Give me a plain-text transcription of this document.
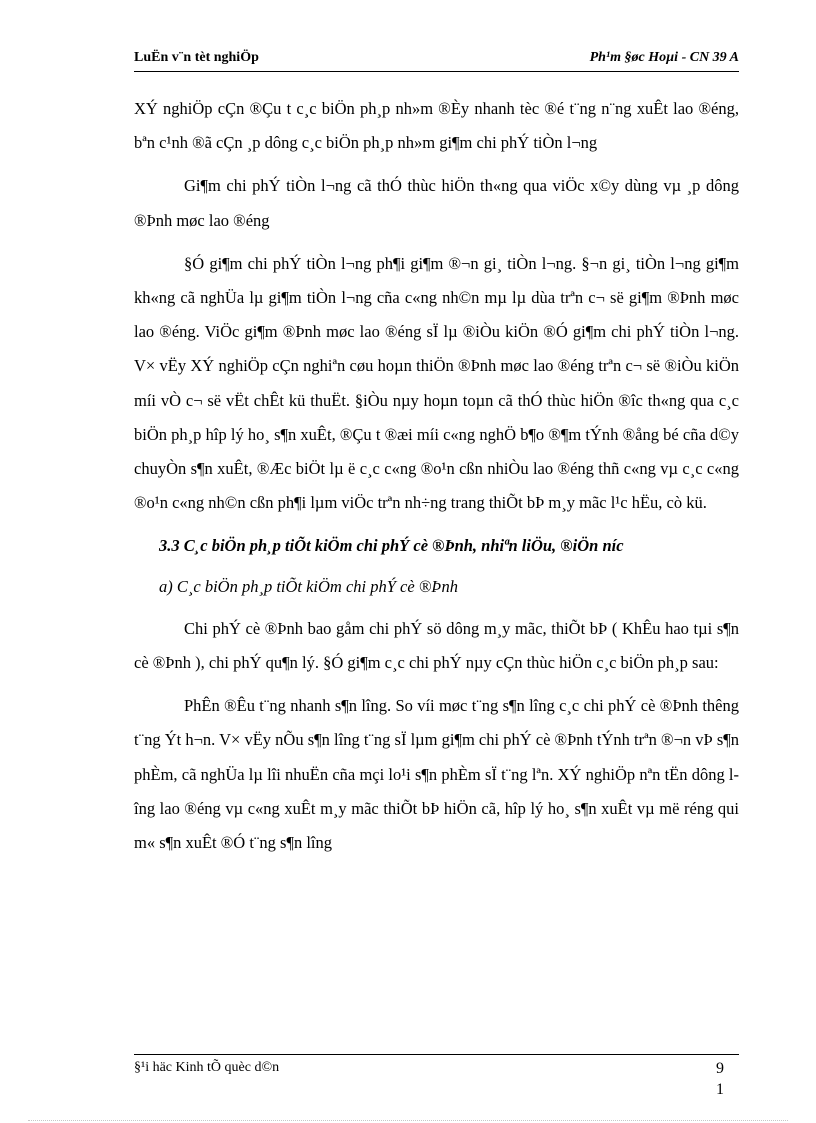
LuËn v¨n tèt nghiÖp	Ph¹m §øc Hoµi - CN 39 A

XÝ nghiÖp cÇn ®Çu t c¸c biÖn ph¸p nh»m ®Èy nhanh tèc ®é t¨ng n¨ng xuÊt lao ®éng, bªn c¹nh ®ã cÇn ¸p dông c¸c biÖn ph¸p nh»m gi¶m chi phÝ tiÒn l¬ng

Gi¶m chi phÝ tiÒn l¬ng cã thÓ thùc hiÖn th«ng qua viÖc x©y dùng vµ ¸p dông ®Þnh møc lao ®éng

§Ó gi¶m chi phÝ tiÒn l¬ng ph¶i gi¶m ®¬n gi¸ tiÒn l¬ng. §¬n gi¸ tiÒn l¬ng gi¶m kh«ng cã nghÜa lµ gi¶m tiÒn l¬ng cña c«ng nh©n mµ lµ dùa trªn c¬ së gi¶m ®Þnh møc lao ®éng. ViÖc gi¶m ®Þnh møc lao ®éng sÏ lµ ®iÒu kiÖn ®Ó gi¶m chi phÝ tiÒn l¬ng. V× vËy XÝ nghiÖp cÇn nghiªn cøu hoµn thiÖn ®Þnh møc lao ®éng trªn c¬ së ®iÒu kiÖn míi vÒ c¬ së vËt chÊt kü thuËt. §iÒu nµy hoµn toµn cã thÓ thùc hiÖn ®îc th«ng qua c¸c biÖn ph¸p hîp lý ho¸ s¶n xuÊt, ®Çu t ®æi míi c«ng nghÖ b¶o ®¶m tÝnh ®ång bé cña d©y chuyÒn s¶n xuÊt, ®Æc biÖt lµ ë c¸c c«ng ®o¹n cßn nhiÒu lao ®éng thñ c«ng vµ c¸c c«ng ®o¹n c«ng nh©n cßn ph¶i lµm viÖc trªn nh÷ng trang thiÕt bÞ m¸y mãc l¹c hËu, cò kü.

3.3 C¸c biÖn ph¸p tiÕt kiÖm chi phÝ cè ®Þnh, nhiªn liÖu, ®iÖn níc

a) C¸c biÖn ph¸p tiÕt kiÖm chi phÝ cè ®Þnh

Chi phÝ cè ®Þnh bao gåm chi phÝ sö dông m¸y mãc, thiÕt bÞ ( KhÊu hao tµi s¶n cè ®Þnh ), chi phÝ qu¶n lý. §Ó gi¶m c¸c chi phÝ nµy cÇn thùc hiÖn c¸c biÖn ph¸p sau:

PhÊn ®Êu t¨ng nhanh s¶n lîng. So víi møc t¨ng s¶n lîng c¸c chi phÝ cè ®Þnh thêng t¨ng Ýt h¬n. V× vËy nÕu s¶n lîng t¨ng sÏ lµm gi¶m chi phÝ cè ®Þnh tÝnh trªn ®¬n vÞ s¶n phÈm, cã nghÜa lµ lîi nhuËn cña mçi lo¹i s¶n phÈm sÏ t¨ng lªn. XÝ nghiÖp nªn tËn dông lîng lao ®éng vµ c«ng xuÊt m¸y mãc thiÕt bÞ hiÖn cã, hîp lý ho¸ s¶n xuÊt vµ më réng qui m« s¶n xuÊt ®Ó t¨ng s¶n lîng

§¹i häc Kinh tÕ quèc d©n	9
1
